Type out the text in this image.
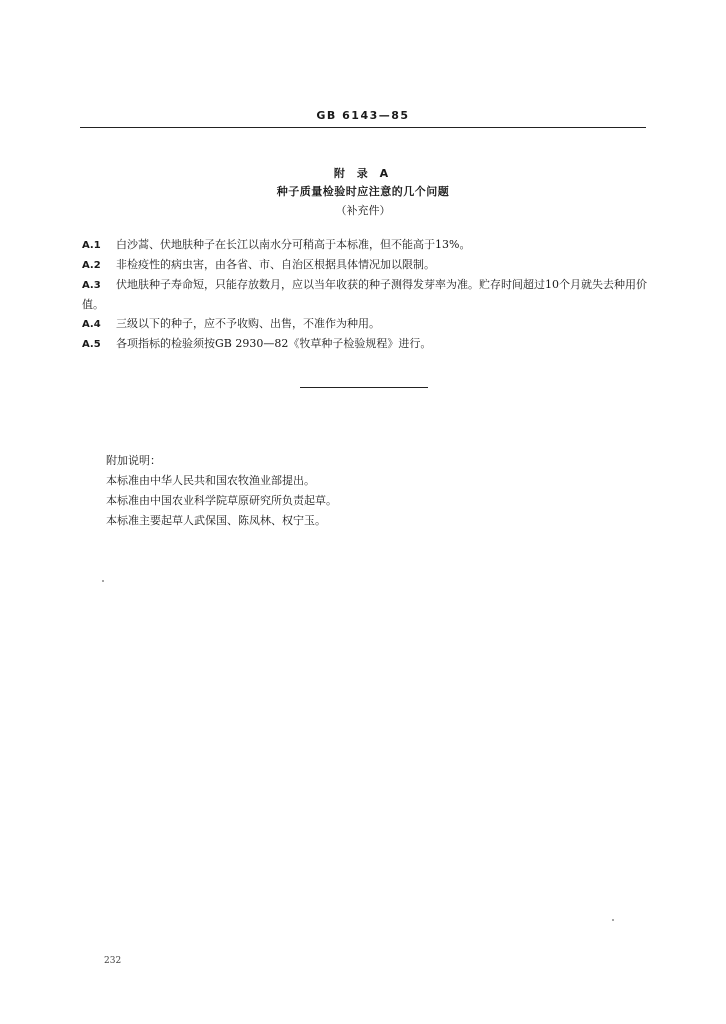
GB 6143—85
附 录 A
种子质量检验时应注意的几个问题
（补充件）
A.1 白沙蒿、伏地肤种子在长江以南水分可稍高于本标准，但不能高于13%。
A.2 非检疫性的病虫害，由各省、市、自治区根据具体情况加以限制。
A.3 伏地肤种子寿命短，只能存放数月，应以当年收获的种子测得发芽率为准。贮存时间超过10个月就失去种用价值。
A.4 三级以下的种子，应不予收购、出售，不准作为种用。
A.5 各项指标的检验须按GB 2930—82《牧草种子检验规程》进行。
附加说明：
本标准由中华人民共和国农牧渔业部提出。
本标准由中国农业科学院草原研究所负责起草。
本标准主要起草人武保国、陈凤林、权宁玉。
232
